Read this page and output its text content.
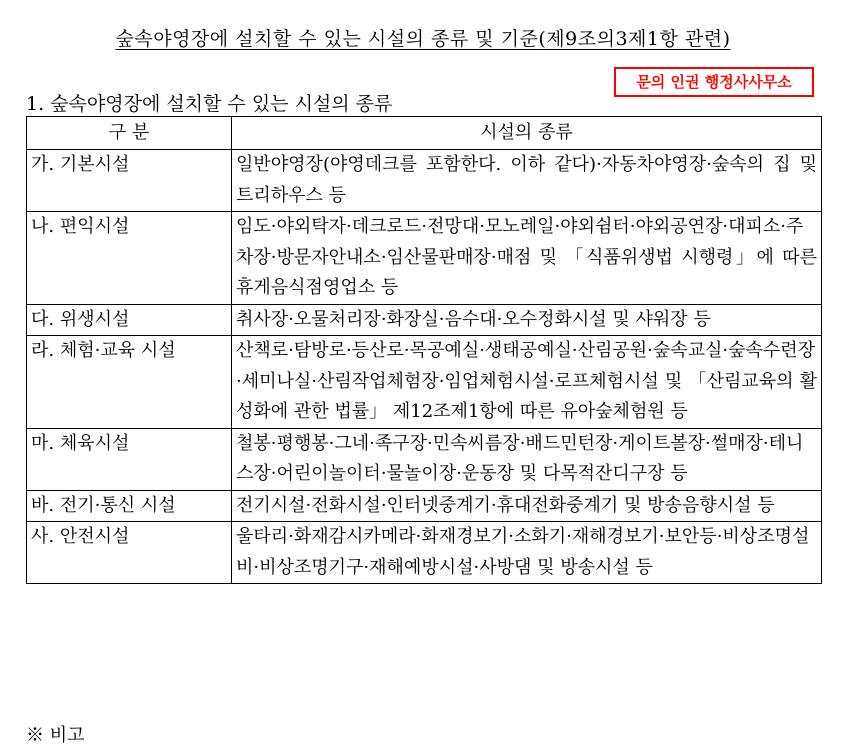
숲속야영장에 설치할 수 있는 시설의 종류 및 기준(제9조의3제1항 관련)
문의 인권 행정사사무소
1. 숲속야영장에 설치할 수 있는 시설의 종류
구 분	시설의 종류
가. 기본시설	일반야영장(야영데크를 포함한다. 이하 같다)·자동차야영장·숲속의 집 및 트리하우스 등
나. 편익시설	임도·야외탁자·데크로드·전망대·모노레일·야외쉼터·야외공연장·대피소·주차장·방문자안내소·임산물판매장·매점 및 「식품위생법 시행령」에 따른 휴게음식점영업소 등
다. 위생시설	취사장·오물처리장·화장실·음수대·오수정화시설 및 샤워장 등
라. 체험·교육 시설	산책로·탐방로·등산로·목공예실·생태공예실·산림공원·숲속교실·숲속수련장·세미나실·산림작업체험장·임업체험시설·로프체험시설 및 「산림교육의 활성화에 관한 법률」 제12조제1항에 따른 유아숲체험원 등
마. 체육시설	철봉·평행봉·그네·족구장·민속씨름장·배드민턴장·게이트볼장·썰매장·테니스장·어린이놀이터·물놀이장·운동장 및 다목적잔디구장 등
바. 전기·통신 시설	전기시설·전화시설·인터넷중계기·휴대전화중계기 및 방송음향시설 등
사. 안전시설	울타리·화재감시카메라·화재경보기·소화기·재해경보기·보안등·비상조명설비·비상조명기구·재해예방시설·사방댐 및 방송시설 등
※ 비고
